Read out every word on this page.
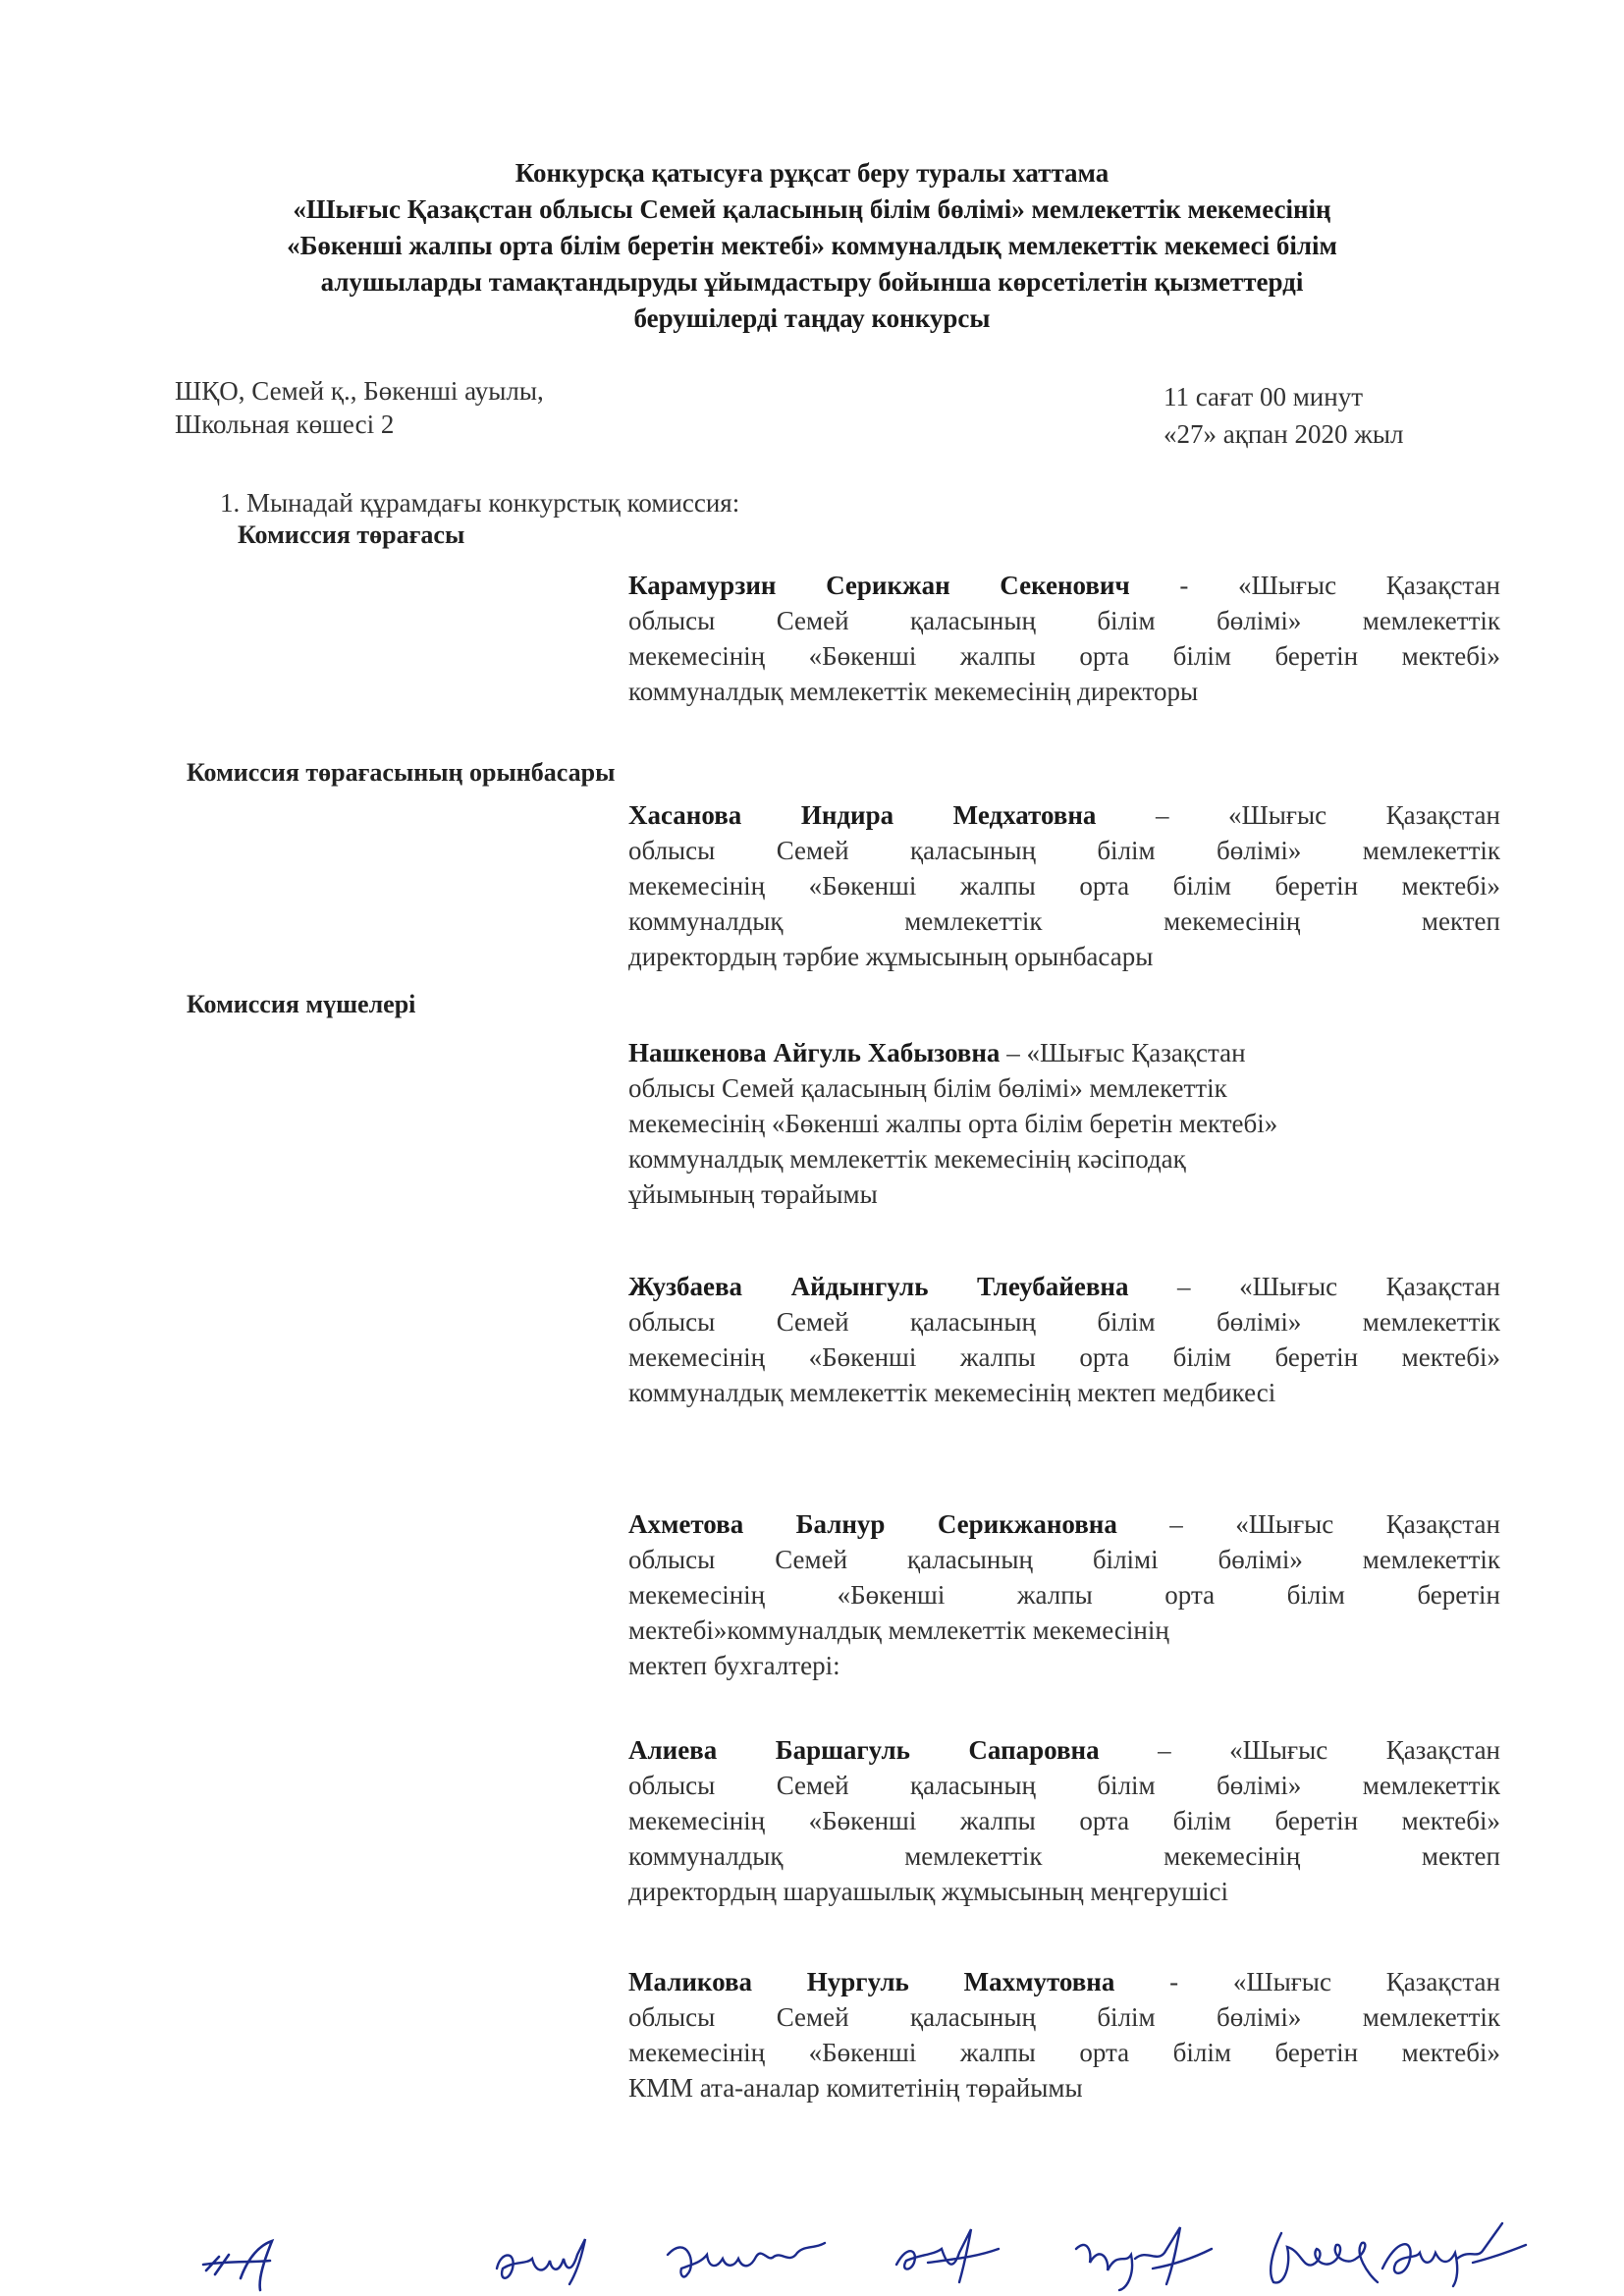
Конкурсқа қатысуға рұқсат беру туралы хаттама
«Шығыс Қазақстан облысы Семей қаласының білім бөлімі» мемлекеттік мекемесінің
«Бөкенші жалпы орта білім беретін мектебі» коммуналдық мемлекеттік мекемесі білім
алушыларды тамақтандыруды ұйымдастыру бойынша көрсетілетін қызметтерді
берушілерді таңдау конкурсы
ШҚО, Семей қ., Бөкенші ауылы,
Школьная көшесі 2
11 сағат 00 минут
«27» ақпан 2020 жыл
1. Мынадай құрамдағы конкурстық комиссия:
Комиссия төрағасы
Комиссия төрағасының орынбасары
Комиссия мүшелері
Карамурзин Серикжан Секенович - «Шығыс Қазақстан
облысы Семей қаласының білім бөлімі» мемлекеттік
мекемесінің «Бөкенші жалпы орта білім беретін мектебі»
коммуналдық мемлекеттік мекемесінің директоры
Хасанова Индира Медхатовна – «Шығыс Қазақстан
облысы Семей қаласының білім бөлімі» мемлекеттік
мекемесінің «Бөкенші жалпы орта білім беретін мектебі»
коммуналдық мемлекеттік мекемесінің мектеп
директордың тәрбие жұмысының орынбасары
Нашкенова Айгуль Хабызовна – «Шығыс Қазақстан
облысы Семей қаласының білім бөлімі» мемлекеттік
мекемесінің «Бөкенші жалпы орта білім беретін мектебі»
коммуналдық мемлекеттік мекемесінің кәсіподақ
ұйымының төрайымы
Жузбаева Айдынгуль Тлеубайевна – «Шығыс Қазақстан
облысы Семей қаласының білім бөлімі» мемлекеттік
мекемесінің «Бөкенші жалпы орта білім беретін мектебі»
коммуналдық мемлекеттік мекемесінің мектеп медбикесі
Ахметова Балнур Серикжановна – «Шығыс Қазақстан
облысы Семей қаласының білімі бөлімі» мемлекеттік
мекемесінің «Бөкенші жалпы орта білім беретін
мектебі»коммуналдық мемлекеттік мекемесінің
мектеп бухгалтері:
Алиева Баршагуль Сапаровна – «Шығыс Қазақстан
облысы Семей қаласының білім бөлімі» мемлекеттік
мекемесінің «Бөкенші жалпы орта білім беретін мектебі»
коммуналдық мемлекеттік мекемесінің мектеп
директордың шаруашылық жұмысының меңгерушісі
Маликова Нургуль Махмутовна - «Шығыс Қазақстан
облысы Семей қаласының білім бөлімі» мемлекеттік
мекемесінің «Бөкенші жалпы орта білім беретін мектебі»
КММ ата-аналар комитетінің төрайымы
